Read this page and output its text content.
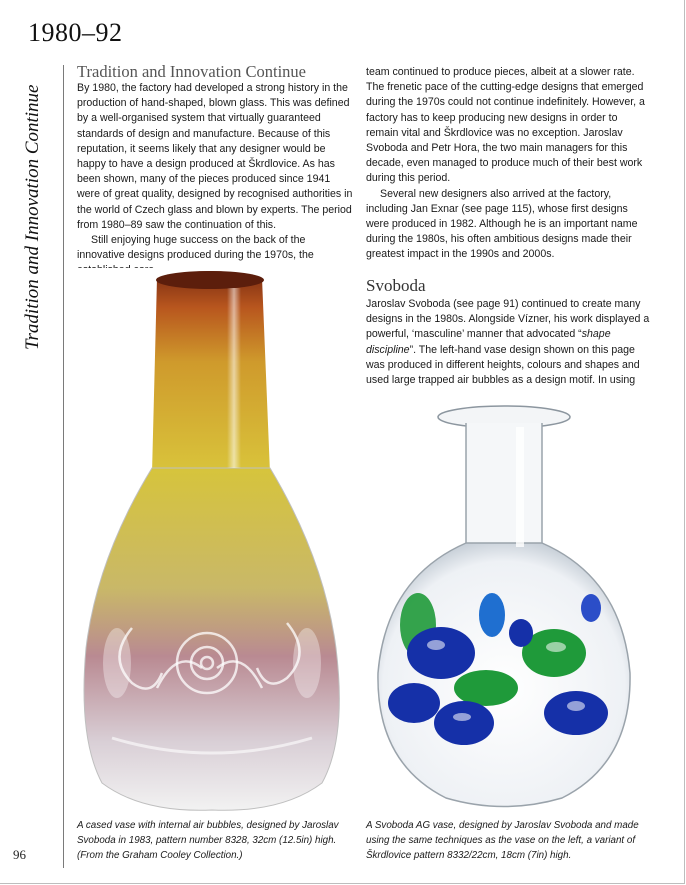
1980–92
Tradition and Innovation Continue
Tradition and Innovation Continue

By 1980, the factory had developed a strong history in the production of hand-shaped, blown glass. This was defined by a well-organised system that virtually guaranteed standards of design and manufacture. Because of this reputation, it seems likely that any designer would be happy to have a design produced at Škrdlovice. As has been shown, many of the pieces produced since 1941 were of great quality, designed by recognised authorities in the world of Czech glass and blown by experts. The period from 1980–89 saw the continuation of this.

Still enjoying huge success on the back of the innovative designs produced during the 1970s, the

team continued to produce pieces, albeit at a slower rate. The frenetic pace of the cutting-edge designs that emerged during the 1970s could not continue indefinitely. However, a factory has to keep producing new designs in order to remain vital and Škrdlovice was no exception. Jaroslav Svoboda and Petr Hora, the two main managers for this decade, even managed to produce much of their best work during this period.

Several new designers also arrived at the factory, including Jan Exnar (see page 115), whose first designs were produced in 1982. Although he is an important name during the 1980s, his often ambitious designs made their greatest impact in the 1990s and 2000s.

Svoboda

Jaroslav Svoboda (see page 91) continued to create many designs in the 1980s. Alongside Vízner, his work displayed a powerful, ‘masculine’ manner that advocated “shape discipline”. The left-hand vase design shown on this page was produced in different heights, colours and shapes and used large trapped air bubbles as a design motif. In using

A cased vase with internal air bubbles, designed by Jaroslav Svoboda in 1983, pattern number 8328, 32cm (12.5in) high. (From the Graham Cooley Collection.)
A Svoboda AG vase, designed by Jaroslav Svoboda and made using the same techniques as the vase on the left, a variant of Škrdlovice pattern 8332/22cm, 18cm (7in) high.
96
